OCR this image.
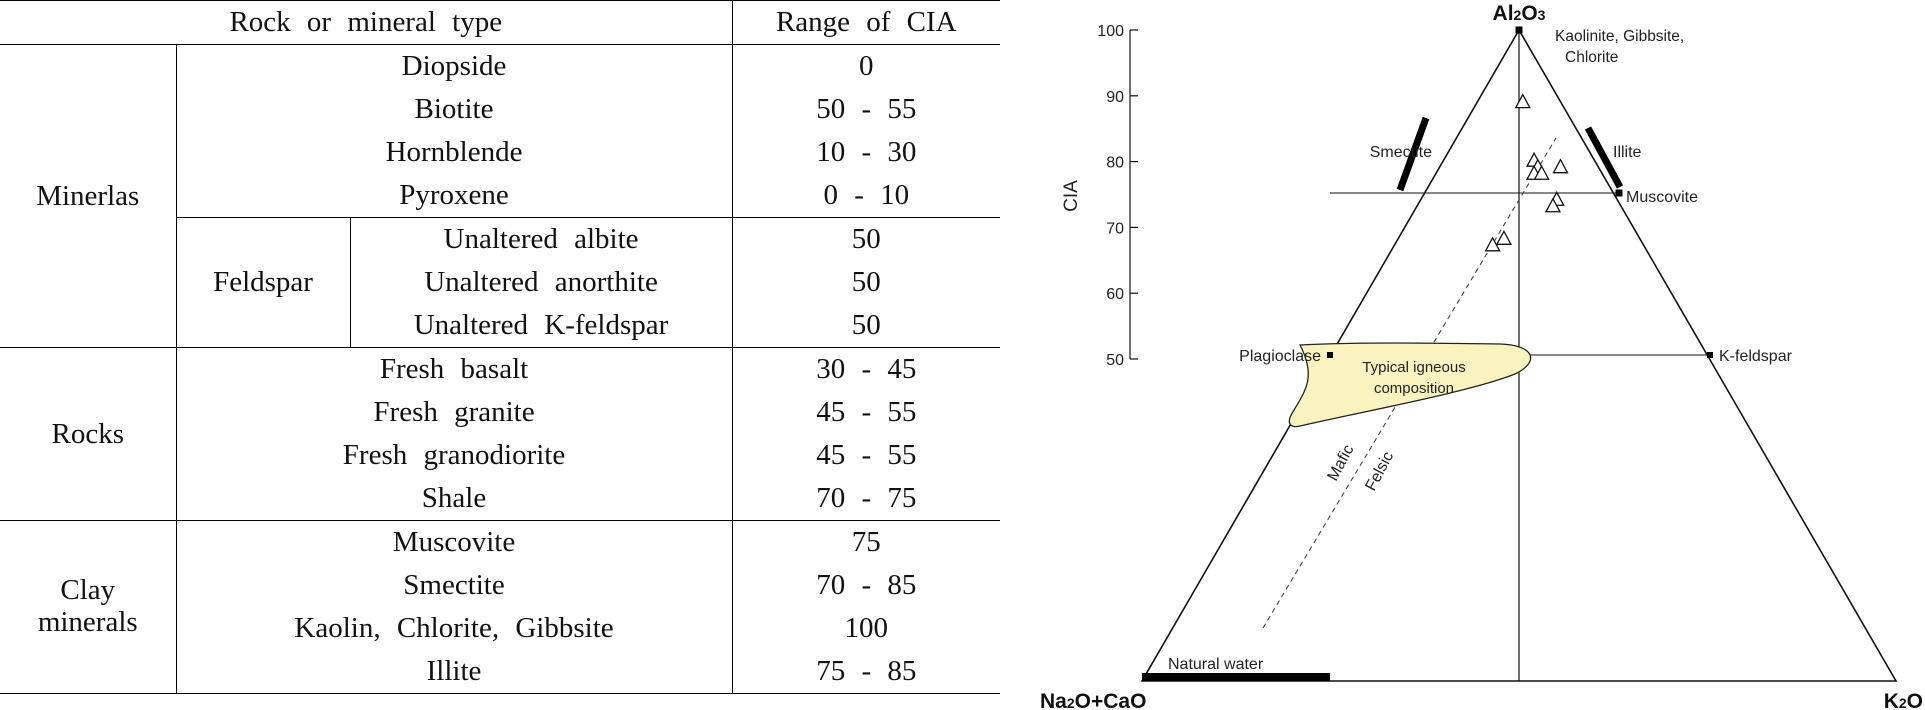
Rock or mineral type			Range of CIA
Minerlas	Diopside		0
	Biotite		50 - 55
	Hornblende		10 - 30
	Pyroxene		0 - 10
	Feldspar	Unaltered albite	50
		Unaltered anorthite	50
		Unaltered K-feldspar	50
Rocks	Fresh basalt		30 - 45
	Fresh granite		45 - 55
	Fresh granodiorite		45 - 55
	Shale		70 - 75
Clay minerals	Muscovite		75
	Smectite		70 - 85
	Kaolin, Chlorite, Gibbsite		100
	Illite		75 - 85
100
90
80
70
60
50
CIA
Typical igneous
composition
Kaolinite, Gibbsite,
Chlorite
Smectite	Illite
Muscovite
Plagioclase	K-feldspar
Mafic Felsic
Natural water
Al2O3
Na2O+CaO	K2O
